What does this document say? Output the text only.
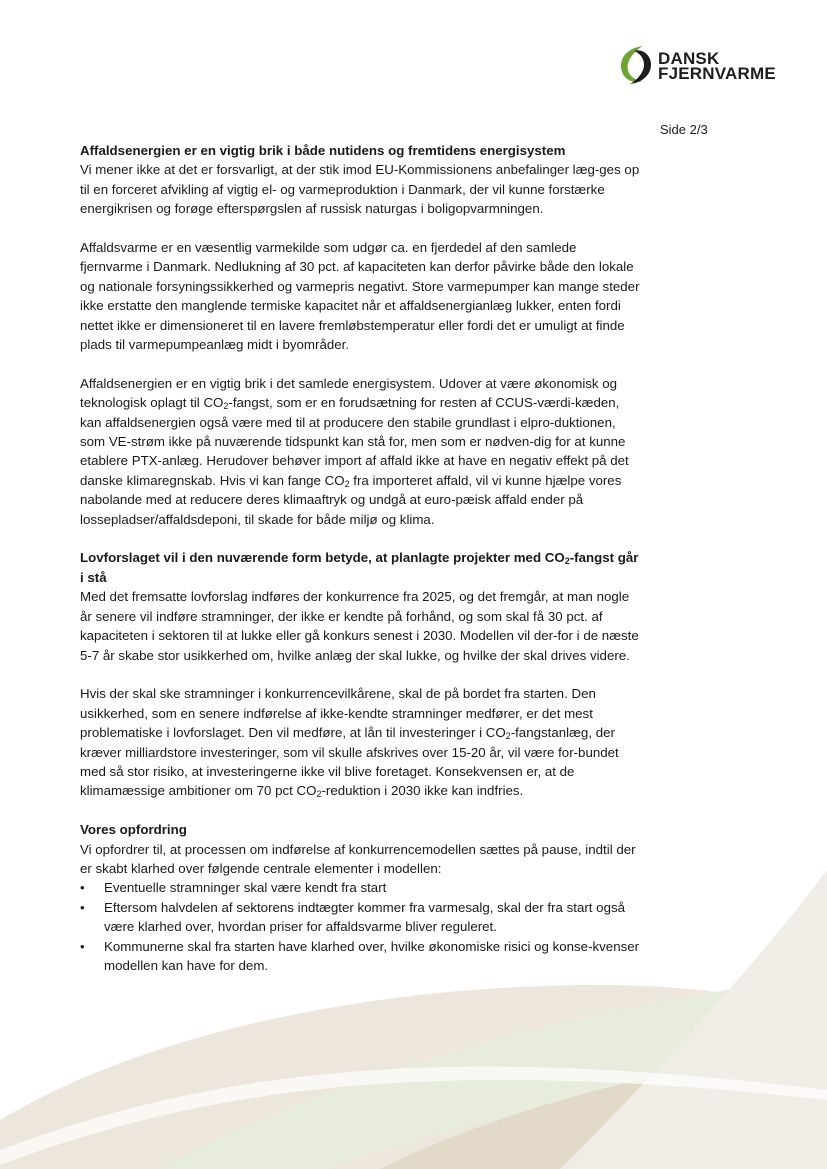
DANSK
FJERNVARME
Side 2/3
Affaldsenergien er en vigtig brik i både nutidens og fremtidens energisystem

Vi mener ikke at det er forsvarligt, at der stik imod EU-Kommissionens anbefalinger læg-ges op til en forceret afvikling af vigtig el- og varmeproduktion i Danmark, der vil kunne forstærke energikrisen og forøge efterspørgslen af russisk naturgas i boligopvarmningen.

Affaldsvarme er en væsentlig varmekilde som udgør ca. en fjerdedel af den samlede fjernvarme i Danmark. Nedlukning af 30 pct. af kapaciteten kan derfor påvirke både den lokale og nationale forsyningssikkerhed og varmepris negativt. Store varmepumper kan mange steder ikke erstatte den manglende termiske kapacitet når et affaldsenergianlæg lukker, enten fordi nettet ikke er dimensioneret til en lavere fremløbstemperatur eller fordi det er umuligt at finde plads til varmepumpeanlæg midt i byområder.

Affaldsenergien er en vigtig brik i det samlede energisystem. Udover at være økonomisk og teknologisk oplagt til $CO_2$-fangst, som er en forudsætning for resten af CCUS-værdi-kæden, kan affaldsenergien også være med til at producere den stabile grundlast i elpro-duktionen, som VE-strøm ikke på nuværende tidspunkt kan stå for, men som er nødven-dig for at kunne etablere PTX-anlæg. Herudover behøver import af affald ikke at have en negativ effekt på det danske klimaregnskab. Hvis vi kan fange $CO_2$ fra importeret affald, vil vi kunne hjælpe vores nabolande med at reducere deres klimaaftryk og undgå at euro-pæisk affald ender på lossepladser/affaldsdeponi, til skade for både miljø og klima.

Lovforslaget vil i den nuværende form betyde, at planlagte projekter med $CO_2$-fangst går i stå

Med det fremsatte lovforslag indføres der konkurrence fra 2025, og det fremgår, at man nogle år senere vil indføre stramninger, der ikke er kendte på forhånd, og som skal få 30 pct. af kapaciteten i sektoren til at lukke eller gå konkurs senest i 2030. Modellen vil der-for i de næste 5-7 år skabe stor usikkerhed om, hvilke anlæg der skal lukke, og hvilke der skal drives videre.

Hvis der skal ske stramninger i konkurrencevilkårene, skal de på bordet fra starten. Den usikkerhed, som en senere indførelse af ikke-kendte stramninger medfører, er det mest problematiske i lovforslaget. Den vil medføre, at lån til investeringer i $CO_2$-fangstanlæg, der kræver milliardstore investeringer, som vil skulle afskrives over 15-20 år, vil være for-bundet med så stor risiko, at investeringerne ikke vil blive foretaget. Konsekvensen er, at de klimamæssige ambitioner om 70 pct $CO_2$-reduktion i 2030 ikke kan indfries.

Vores opfordring

Vi opfordrer til, at processen om indførelse af konkurrencemodellen sættes på pause, indtil der er skabt klarhed over følgende centrale elementer i modellen:

• Eventuelle stramninger skal være kendt fra start
• Eftersom halvdelen af sektorens indtægter kommer fra varmesalg, skal der fra start også være klarhed over, hvordan priser for affaldsvarme bliver reguleret.
• Kommunerne skal fra starten have klarhed over, hvilke økonomiske risici og konse-kvenser modellen kan have for dem.
